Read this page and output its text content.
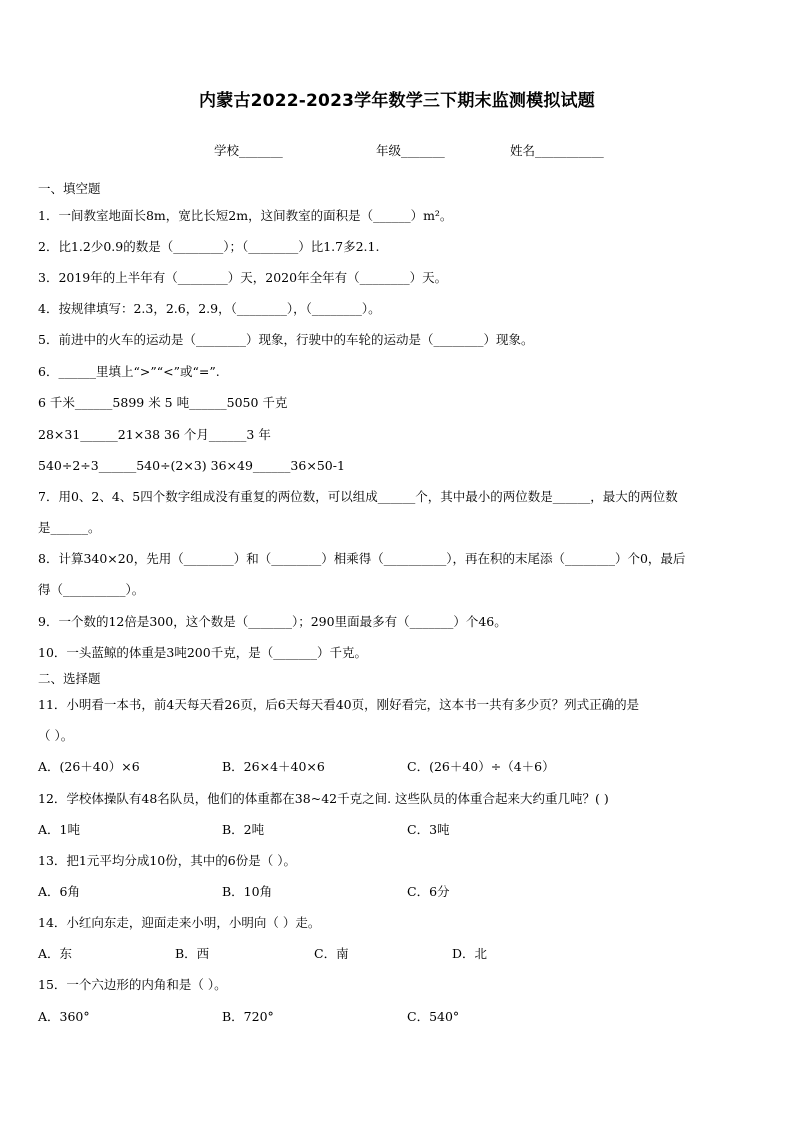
内蒙古2022-2023学年数学三下期末监测模拟试题
学校_______	年级_______	姓名___________
一、填空题
1．一间教室地面长8m，宽比长短2m，这间教室的面积是（______）m²。
2．比1.2少0.9的数是（________）；（________）比1.7多2.1.
3．2019年的上半年有（________）天，2020年全年有（________）天。
4．按规律填写：2.3，2.6，2.9，（________），（________）。
5．前进中的火车的运动是（________）现象，行驶中的车轮的运动是（________）现象。
6．______里填上“>”“<”或“=”.
6 千米______5899 米 5 吨______5050 千克
28×31______21×38 36 个月______3 年
540÷2÷3______540÷(2×3) 36×49______36×50-1
7．用0、2、4、5四个数字组成没有重复的两位数，可以组成______个，其中最小的两位数是______，最大的两位数
是______。
8．计算340×20，先用（________）和（________）相乘得（__________），再在积的末尾添（________）个0，最后
得（__________）。
9．一个数的12倍是300，这个数是（_______）；290里面最多有（_______）个46。
10．一头蓝鲸的体重是3吨200千克，是（_______）千克。
二、选择题
11．小明看一本书，前4天每天看26页，后6天每天看40页，刚好看完，这本书一共有多少页？列式正确的是
（ ）。
A．(26＋40）×6	B．26×4＋40×6	C．(26＋40）÷（4＋6）
12．学校体操队有48名队员，他们的体重都在38~42千克之间. 这些队员的体重合起来大约重几吨？( )
A．1吨	B．2吨	C．3吨
13．把1元平均分成10份，其中的6份是（ ）。
A．6角	B．10角	C．6分
14．小红向东走，迎面走来小明，小明向（ ）走。
A．东	B．西	C．南	D．北
15．一个六边形的内角和是（ ）。
A．360°	B．720°	C．540°
